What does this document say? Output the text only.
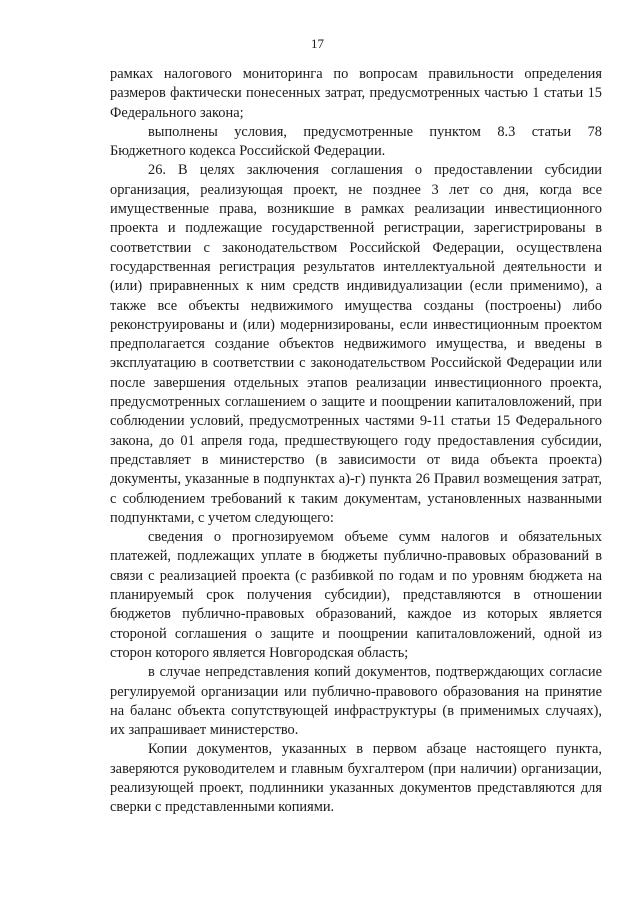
17

рамках налогового мониторинга по вопросам правильности определения размеров фактически понесенных затрат, предусмотренных частью 1 статьи 15 Федерального закона;

выполнены условия, предусмотренные пунктом 8.3 статьи 78 Бюджетного кодекса Российской Федерации.

26. В целях заключения соглашения о предоставлении субсидии организация, реализующая проект, не позднее 3 лет со дня, когда все имущественные права, возникшие в рамках реализации инвестиционного проекта и подлежащие государственной регистрации, зарегистрированы в соответствии с законодательством Российской Федерации, осуществлена государственная регистрация результатов интеллектуальной деятельности и (или) приравненных к ним средств индивидуализации (если применимо), а также все объекты недвижимого имущества созданы (построены) либо реконструированы и (или) модернизированы, если инвестиционным проектом предполагается создание объектов недвижимого имущества, и введены в эксплуатацию в соответствии с законодательством Российской Федерации или после завершения отдельных этапов реализации инвестиционного проекта, предусмотренных соглашением о защите и поощрении капиталовложений, при соблюдении условий, предусмотренных частями 9-11 статьи 15 Федерального закона, до 01 апреля года, предшествующего году предоставления субсидии, представляет в министерство (в зависимости от вида объекта проекта) документы, указанные в подпунктах а)-г) пункта 26 Правил возмещения затрат, с соблюдением требований к таким документам, установленных названными подпунктами, с учетом следующего:

сведения о прогнозируемом объеме сумм налогов и обязательных платежей, подлежащих уплате в бюджеты публично-правовых образований в связи с реализацией проекта (с разбивкой по годам и по уровням бюджета на планируемый срок получения субсидии), представляются в отношении бюджетов публично-правовых образований, каждое из которых является стороной соглашения о защите и поощрении капиталовложений, одной из сторон которого является Новгородская область;

в случае непредставления копий документов, подтверждающих согласие регулируемой организации или публично-правового образования на принятие на баланс объекта сопутствующей инфраструктуры (в применимых случаях), их запрашивает министерство.

Копии документов, указанных в первом абзаце настоящего пункта, заверяются руководителем и главным бухгалтером (при наличии) организации, реализующей проект, подлинники указанных документов представляются для сверки с представленными копиями.
